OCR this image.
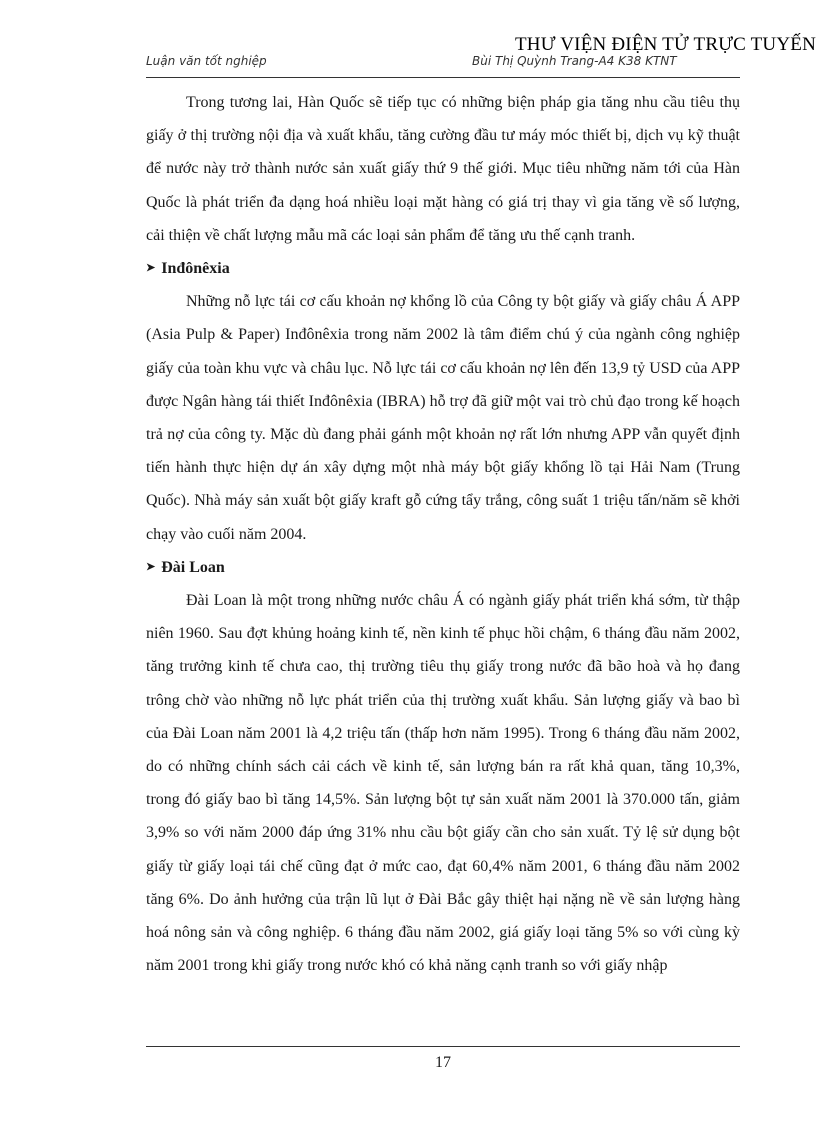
THƯ VIỆN ĐIỆN TỬ TRỰC TUYẾN
Luận văn tốt nghiệp	Bùi Thị Quỳnh Trang-A4 K38 KTNT

Trong tương lai, Hàn Quốc sẽ tiếp tục có những biện pháp gia tăng nhu cầu tiêu thụ giấy ở thị trường nội địa và xuất khẩu, tăng cường đầu tư máy móc thiết bị, dịch vụ kỹ thuật để nước này trở thành nước sản xuất giấy thứ 9 thế giới. Mục tiêu những năm tới của Hàn Quốc là phát triển đa dạng hoá nhiều loại mặt hàng có giá trị thay vì gia tăng về số lượng, cải thiện về chất lượng mẫu mã các loại sản phẩm để tăng ưu thế cạnh tranh.

➤ Inđônêxia

Những nỗ lực tái cơ cấu khoản nợ khổng lồ của Công ty bột giấy và giấy châu Á APP (Asia Pulp & Paper) Inđônêxia trong năm 2002 là tâm điểm chú ý của ngành công nghiệp giấy của toàn khu vực và châu lục. Nỗ lực tái cơ cấu khoản nợ lên đến 13,9 tỷ USD của APP được Ngân hàng tái thiết Inđônêxia (IBRA) hỗ trợ đã giữ một vai trò chủ đạo trong kế hoạch trả nợ của công ty. Mặc dù đang phải gánh một khoản nợ rất lớn nhưng APP vẫn quyết định tiến hành thực hiện dự án xây dựng một nhà máy bột giấy khổng lồ tại Hải Nam (Trung Quốc). Nhà máy sản xuất bột giấy kraft gỗ cứng tẩy trắng, công suất 1 triệu tấn/năm sẽ khởi chạy vào cuối năm 2004.

➤ Đài Loan

Đài Loan là một trong những nước châu Á có ngành giấy phát triển khá sớm, từ thập niên 1960. Sau đợt khủng hoảng kinh tế, nền kinh tế phục hồi chậm, 6 tháng đầu năm 2002, tăng trưởng kinh tế chưa cao, thị trường tiêu thụ giấy trong nước đã bão hoà và họ đang trông chờ vào những nỗ lực phát triển của thị trường xuất khẩu. Sản lượng giấy và bao bì của Đài Loan năm 2001 là 4,2 triệu tấn (thấp hơn năm 1995). Trong 6 tháng đầu năm 2002, do có những chính sách cải cách về kinh tế, sản lượng bán ra rất khả quan, tăng 10,3%, trong đó giấy bao bì tăng 14,5%. Sản lượng bột tự sản xuất năm 2001 là 370.000 tấn, giảm 3,9% so với năm 2000 đáp ứng 31% nhu cầu bột giấy cần cho sản xuất. Tỷ lệ sử dụng bột giấy từ giấy loại tái chế cũng đạt ở mức cao, đạt 60,4% năm 2001, 6 tháng đầu năm 2002 tăng 6%. Do ảnh hưởng của trận lũ lụt ở Đài Bắc gây thiệt hại nặng nề về sản lượng hàng hoá nông sản và công nghiệp. 6 tháng đầu năm 2002, giá giấy loại tăng 5% so với cùng kỳ năm 2001 trong khi giấy trong nước khó có khả năng cạnh tranh so với giấy nhập

17
